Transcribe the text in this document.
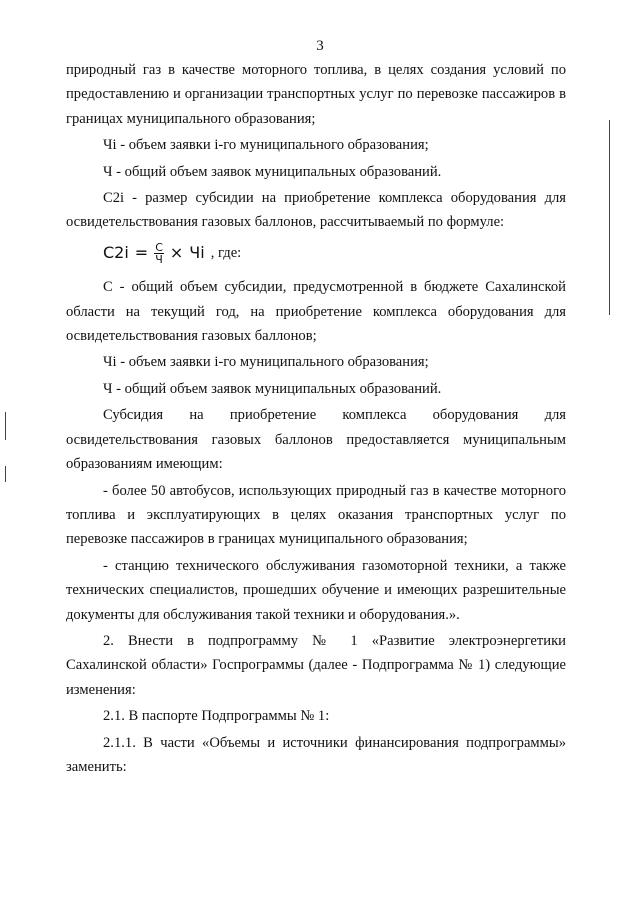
3

природный газ в качестве моторного топлива, в целях создания условий по предоставлению и организации транспортных услуг по перевозке пассажиров в границах муниципального образования;

Чi - объем заявки i-го муниципального образования;

Ч - общий объем заявок муниципальных образований.

C2i - размер субсидии на приобретение комплекса оборудования для освидетельствования газовых баллонов, рассчитываемый по формуле:

$C2i = \frac{С}{Ч}$ × Чi , где:

С - общий объем субсидии, предусмотренной в бюджете Сахалинской области на текущий год, на приобретение комплекса оборудования для освидетельствования газовых баллонов;

Чi - объем заявки i-го муниципального образования;

Ч - общий объем заявок муниципальных образований.

Субсидия на приобретение комплекса оборудования для освидетельствования газовых баллонов предоставляется муниципальным образованиям имеющим:

- более 50 автобусов, использующих природный газ в качестве моторного топлива и эксплуатирующих в целях оказания транспортных услуг по перевозке пассажиров в границах муниципального образования;

- станцию технического обслуживания газомоторной техники, а также технических специалистов, прошедших обучение и имеющих разрешительные документы для обслуживания такой техники и оборудования.».

2. Внести в подпрограмму № 1 «Развитие электроэнергетики Сахалинской области» Госпрограммы (далее - Подпрограмма № 1) следующие изменения:

2.1. В паспорте Подпрограммы № 1:

2.1.1. В части «Объемы и источники финансирования подпрограммы» заменить:
